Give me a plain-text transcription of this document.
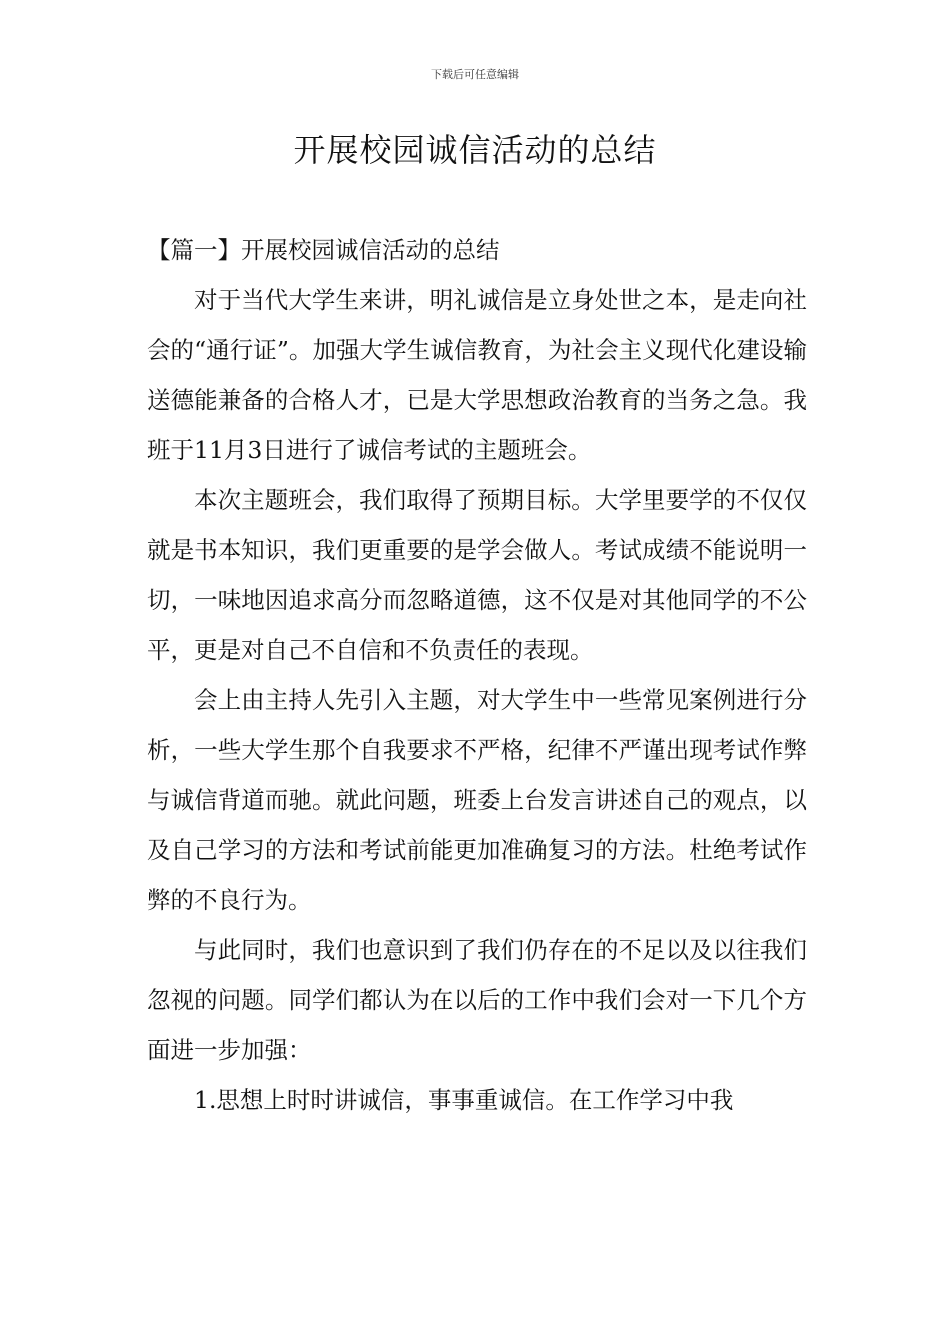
下载后可任意编辑
开展校园诚信活动的总结
【篇一】开展校园诚信活动的总结

对于当代大学生来讲，明礼诚信是立身处世之本，是走向社会的“通行证”。加强大学生诚信教育，为社会主义现代化建设输送德能兼备的合格人才，已是大学思想政治教育的当务之急。我班于11月3日进行了诚信考试的主题班会。

本次主题班会，我们取得了预期目标。大学里要学的不仅仅就是书本知识，我们更重要的是学会做人。考试成绩不能说明一切，一味地因追求高分而忽略道德，这不仅是对其他同学的不公平，更是对自己不自信和不负责任的表现。

会上由主持人先引入主题，对大学生中一些常见案例进行分析，一些大学生那个自我要求不严格，纪律不严谨出现考试作弊与诚信背道而驰。就此问题，班委上台发言讲述自己的观点，以及自己学习的方法和考试前能更加准确复习的方法。杜绝考试作弊的不良行为。

与此同时，我们也意识到了我们仍存在的不足以及以往我们忽视的问题。同学们都认为在以后的工作中我们会对一下几个方面进一步加强：

1.思想上时时讲诚信，事事重诚信。在工作学习中我
